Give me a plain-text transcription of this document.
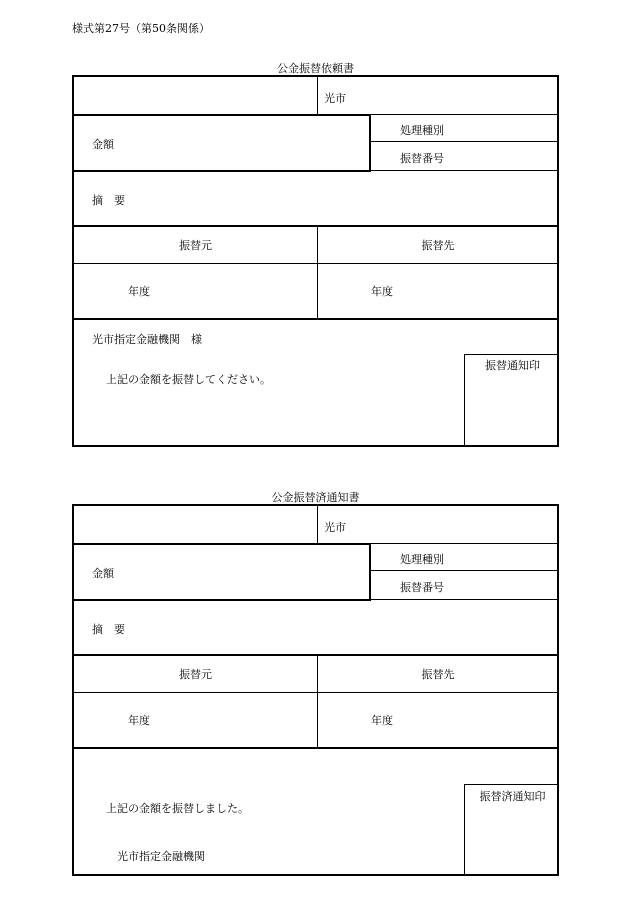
様式第27号（第50条関係）
公金振替依頼書
光市
金額
処理種別
振替番号
摘　要
振替元	振替先
年度	年度
光市指定金融機関　様
上記の金額を振替してください。
振替通知印
公金振替済通知書
光市
金額
処理種別
振替番号
摘　要
振替元	振替先
年度	年度
上記の金額を振替しました。
光市指定金融機関
振替済通知印
